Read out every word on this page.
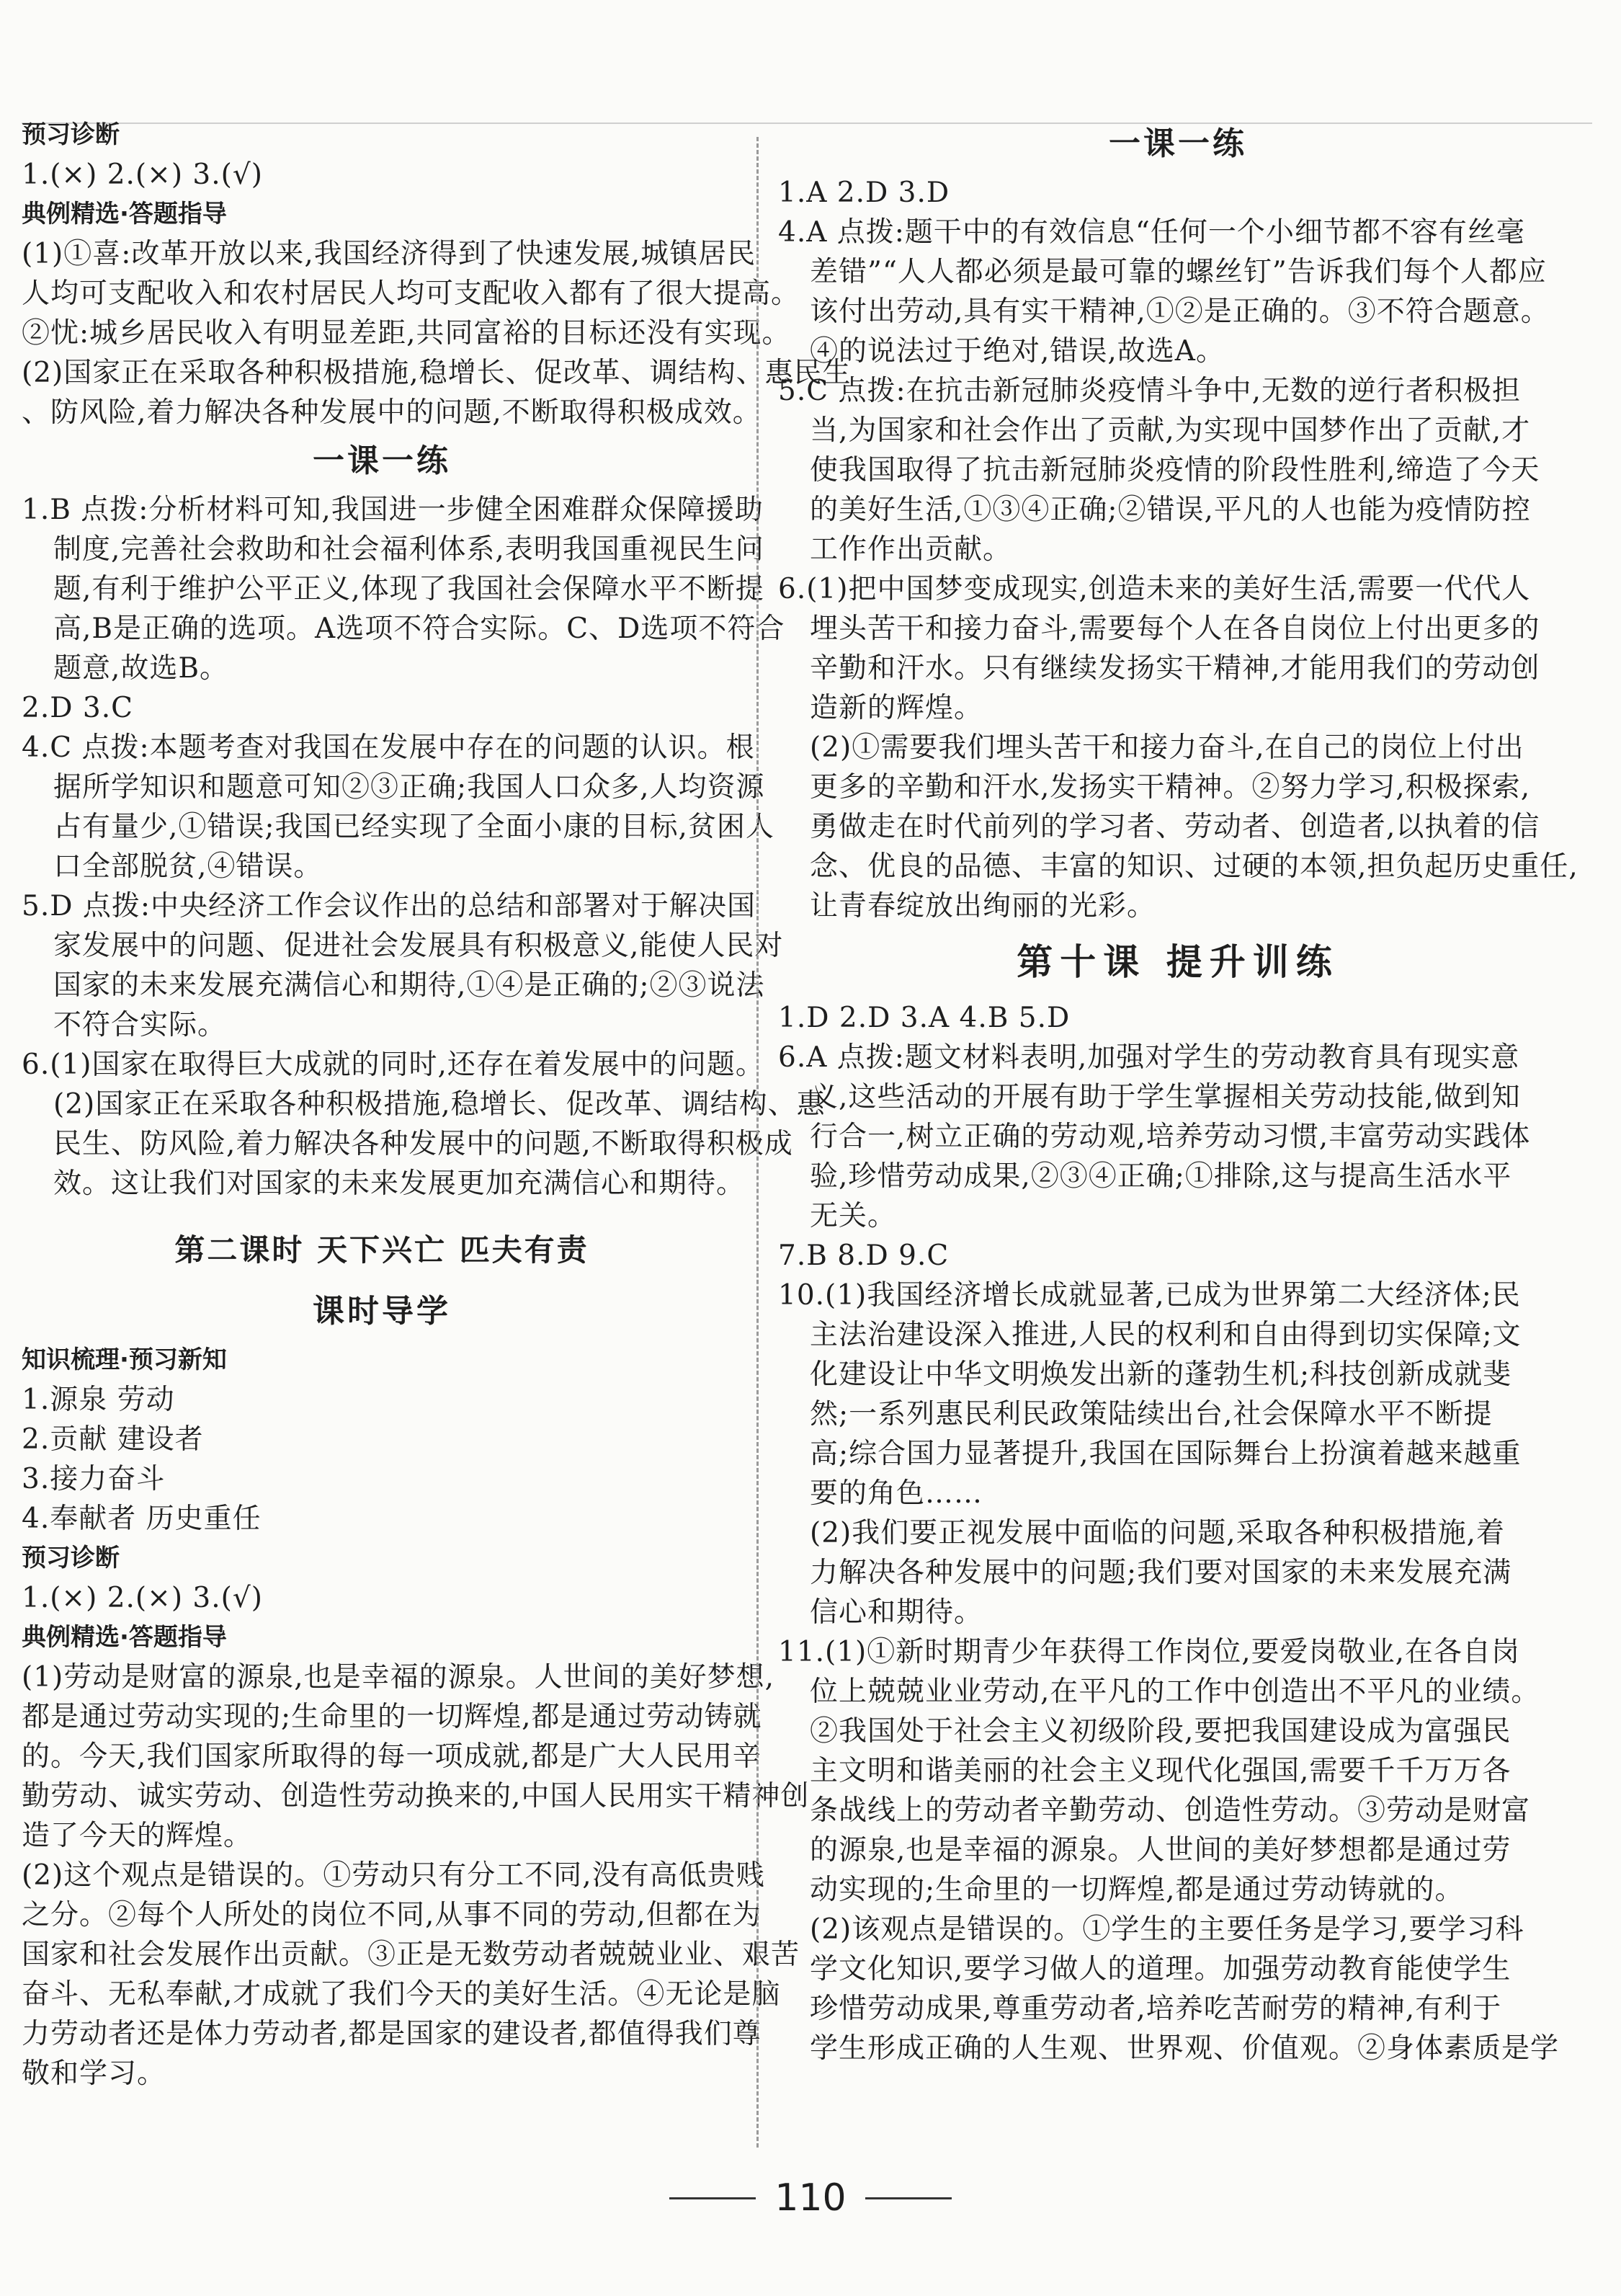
预习诊断
1.(×) 2.(×) 3.(√)
典例精选·答题指导
(1)①喜:改革开放以来,我国经济得到了快速发展,城镇居民
人均可支配收入和农村居民人均可支配收入都有了很大提高。
②忧:城乡居民收入有明显差距,共同富裕的目标还没有实现。
(2)国家正在采取各种积极措施,稳增长、促改革、调结构、惠民生
、防风险,着力解决各种发展中的问题,不断取得积极成效。
一课一练
1.B 点拨:分析材料可知,我国进一步健全困难群众保障援助
制度,完善社会救助和社会福利体系,表明我国重视民生问
题,有利于维护公平正义,体现了我国社会保障水平不断提
高,B是正确的选项。A选项不符合实际。C、D选项不符合
题意,故选B。
2.D 3.C
4.C 点拨:本题考查对我国在发展中存在的问题的认识。根
据所学知识和题意可知②③正确;我国人口众多,人均资源
占有量少,①错误;我国已经实现了全面小康的目标,贫困人
口全部脱贫,④错误。
5.D 点拨:中央经济工作会议作出的总结和部署对于解决国
家发展中的问题、促进社会发展具有积极意义,能使人民对
国家的未来发展充满信心和期待,①④是正确的;②③说法
不符合实际。
6.(1)国家在取得巨大成就的同时,还存在着发展中的问题。
(2)国家正在采取各种积极措施,稳增长、促改革、调结构、惠
民生、防风险,着力解决各种发展中的问题,不断取得积极成
效。这让我们对国家的未来发展更加充满信心和期待。
第二课时 天下兴亡 匹夫有责
课时导学
知识梳理·预习新知
1.源泉 劳动
2.贡献 建设者
3.接力奋斗
4.奉献者 历史重任
预习诊断
1.(×) 2.(×) 3.(√)
典例精选·答题指导
(1)劳动是财富的源泉,也是幸福的源泉。人世间的美好梦想,
都是通过劳动实现的;生命里的一切辉煌,都是通过劳动铸就
的。今天,我们国家所取得的每一项成就,都是广大人民用辛
勤劳动、诚实劳动、创造性劳动换来的,中国人民用实干精神创
造了今天的辉煌。
(2)这个观点是错误的。①劳动只有分工不同,没有高低贵贱
之分。②每个人所处的岗位不同,从事不同的劳动,但都在为
国家和社会发展作出贡献。③正是无数劳动者兢兢业业、艰苦
奋斗、无私奉献,才成就了我们今天的美好生活。④无论是脑
力劳动者还是体力劳动者,都是国家的建设者,都值得我们尊
敬和学习。
一课一练
1.A 2.D 3.D
4.A 点拨:题干中的有效信息“任何一个小细节都不容有丝毫
差错”“人人都必须是最可靠的螺丝钉”告诉我们每个人都应
该付出劳动,具有实干精神,①②是正确的。③不符合题意。
④的说法过于绝对,错误,故选A。
5.C 点拨:在抗击新冠肺炎疫情斗争中,无数的逆行者积极担
当,为国家和社会作出了贡献,为实现中国梦作出了贡献,才
使我国取得了抗击新冠肺炎疫情的阶段性胜利,缔造了今天
的美好生活,①③④正确;②错误,平凡的人也能为疫情防控
工作作出贡献。
6.(1)把中国梦变成现实,创造未来的美好生活,需要一代代人
埋头苦干和接力奋斗,需要每个人在各自岗位上付出更多的
辛勤和汗水。只有继续发扬实干精神,才能用我们的劳动创
造新的辉煌。
(2)①需要我们埋头苦干和接力奋斗,在自己的岗位上付出
更多的辛勤和汗水,发扬实干精神。②努力学习,积极探索,
勇做走在时代前列的学习者、劳动者、创造者,以执着的信
念、优良的品德、丰富的知识、过硬的本领,担负起历史重任,
让青春绽放出绚丽的光彩。
第十课 提升训练
1.D 2.D 3.A 4.B 5.D
6.A 点拨:题文材料表明,加强对学生的劳动教育具有现实意
义,这些活动的开展有助于学生掌握相关劳动技能,做到知
行合一,树立正确的劳动观,培养劳动习惯,丰富劳动实践体
验,珍惜劳动成果,②③④正确;①排除,这与提高生活水平
无关。
7.B 8.D 9.C
10.(1)我国经济增长成就显著,已成为世界第二大经济体;民
主法治建设深入推进,人民的权利和自由得到切实保障;文
化建设让中华文明焕发出新的蓬勃生机;科技创新成就斐
然;一系列惠民利民政策陆续出台,社会保障水平不断提
高;综合国力显著提升,我国在国际舞台上扮演着越来越重
要的角色……
(2)我们要正视发展中面临的问题,采取各种积极措施,着
力解决各种发展中的问题;我们要对国家的未来发展充满
信心和期待。
11.(1)①新时期青少年获得工作岗位,要爱岗敬业,在各自岗
位上兢兢业业劳动,在平凡的工作中创造出不平凡的业绩。
②我国处于社会主义初级阶段,要把我国建设成为富强民
主文明和谐美丽的社会主义现代化强国,需要千千万万各
条战线上的劳动者辛勤劳动、创造性劳动。③劳动是财富
的源泉,也是幸福的源泉。人世间的美好梦想都是通过劳
动实现的;生命里的一切辉煌,都是通过劳动铸就的。
(2)该观点是错误的。①学生的主要任务是学习,要学习科
学文化知识,要学习做人的道理。加强劳动教育能使学生
珍惜劳动成果,尊重劳动者,培养吃苦耐劳的精神,有利于
学生形成正确的人生观、世界观、价值观。②身体素质是学
110
